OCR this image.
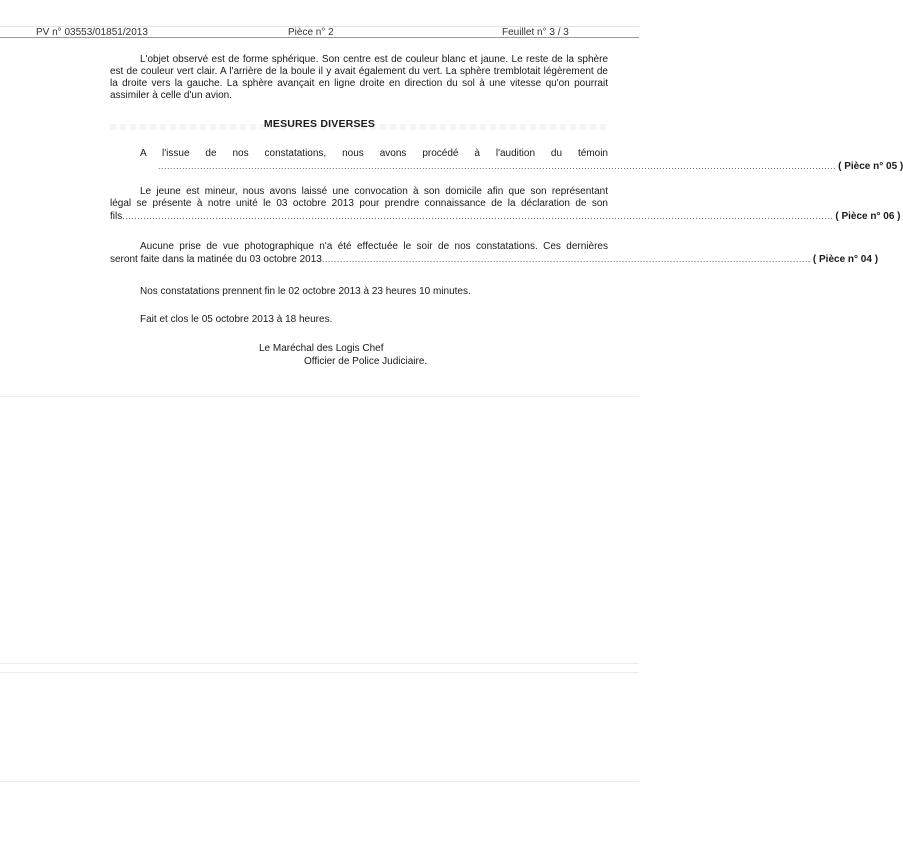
PV n° 03553/01851/2013	Pièce n° 2	Feuillet n° 3 / 3
L'objet observé est de forme sphérique. Son centre est de couleur blanc et jaune. Le reste de la sphère est de couleur vert clair. A l'arrière de la boule il y avait également du vert. La sphère tremblotait légèrement de la droite vers la gauche. La sphère avançait en ligne droite en direction du sol à une vitesse qu'on pourrait assimiler à celle d'un avion.
MESURES DIVERSES
A l'issue de nos constatations, nous avons procédé à l'audition du témoin
.................................................................................................................................................................................................................................. ( Pièce n° 05 )
Le jeune est mineur, nous avons laissé une convocation à son domicile afin que son représentant
légal se présente à notre unité le 03 octobre 2013 pour prendre connaissance de la déclaration de son
fils ............................................................................................................................................................................................................................................. ( Pièce n° 06 )
Aucune prise de vue photographique n'a été effectuée le soir de nos constatations. Ces dernières
seront faite dans la matinée du 03 octobre 2013 ................................................................................................................................................................... ( Pièce n° 04 )
Nos constatations prennent fin le 02 octobre 2013 à 23 heures 10 minutes.
Fait et clos le 05 octobre 2013 à 18 heures.
Le Maréchal des Logis Chef
Officier de Police Judiciaire.
